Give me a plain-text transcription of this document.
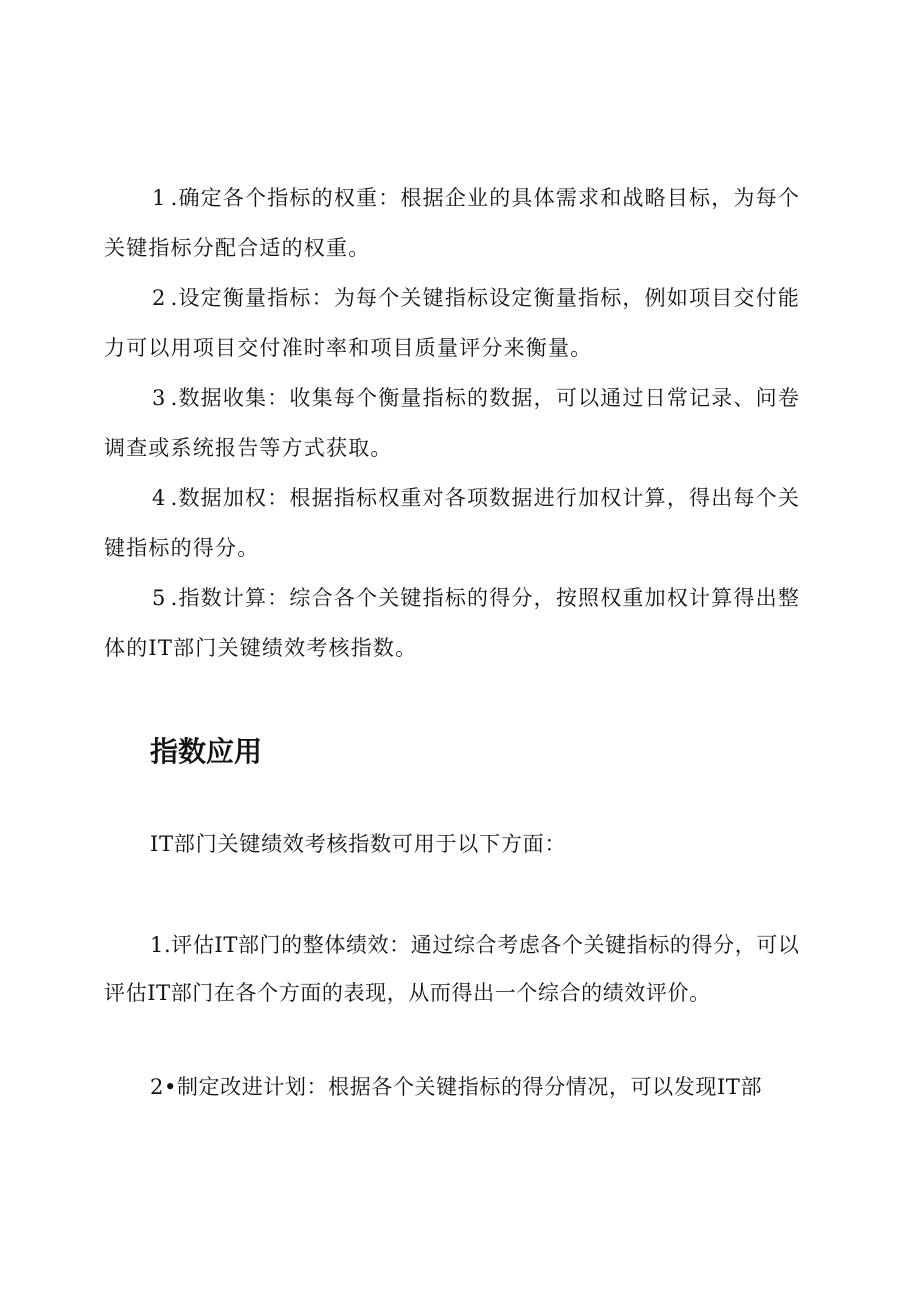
1 .确定各个指标的权重：根据企业的具体需求和战略目标，为每个关键指标分配合适的权重。

2 .设定衡量指标：为每个关键指标设定衡量指标，例如项目交付能力可以用项目交付准时率和项目质量评分来衡量。

3 .数据收集：收集每个衡量指标的数据，可以通过日常记录、问卷调查或系统报告等方式获取。

4 .数据加权：根据指标权重对各项数据进行加权计算，得出每个关键指标的得分。

5 .指数计算：综合各个关键指标的得分，按照权重加权计算得出整体的IT部门关键绩效考核指数。

指数应用

IT部门关键绩效考核指数可用于以下方面：

1.评估IT部门的整体绩效：通过综合考虑各个关键指标的得分，可以评估IT部门在各个方面的表现，从而得出一个综合的绩效评价。

2•制定改进计划：根据各个关键指标的得分情况，可以发现IT部
